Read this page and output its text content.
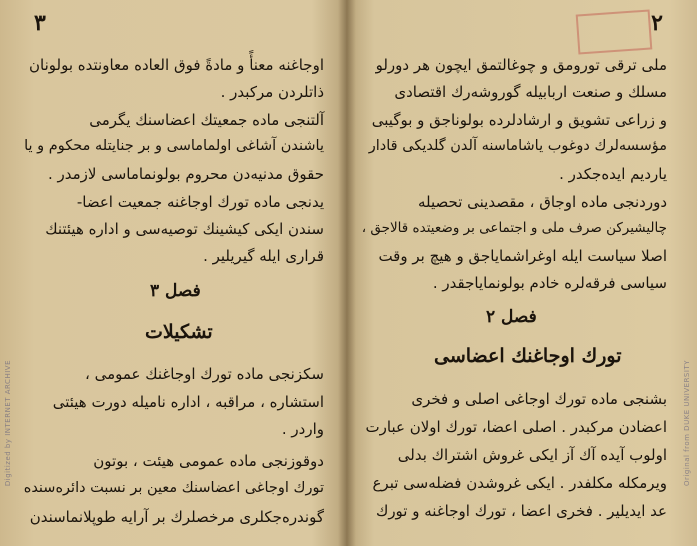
٣
اوجاغنه معنأً و مادةً فوق العاده معاونتده بولونان
ذاتلردن مركبدر .
آلتنجی ماده جمعیتك اعضاسنك یگرمی
یاشندن آشاغی اولماماسی و بر جنایتله محكوم و یا
حقوق مدنیه‌دن محروم بولونماماسی لازمدر .
یدنجی ماده تورك اوجاغنه جمعیت اعضا-
سندن ایكی كیشینك توصیه‌سی و اداره هیئتنك
قراری ایله گیریلیر .
فصل ٣
تشكیلات
سكزنجی ماده تورك اوجاغنك عمومی ،
استشاره ، مراقبه ، اداره نامیله دورت هیئتی
واردر .
دوقوزنجی ماده عمومی هیئت ، بوتون
تورك اوجاغی اعضاسنك معین بر نسبت دائره‌سنده
گوندره‌جكلری مرخصلرك بر آرایه طوپلانماسندن
Digitized by INTERNET ARCHIVE
٢
ملی ترقی تورومق و چوغالتمق ایچون هر دورلو
مسلك و صنعت اربابیله گوروشه‌رك اقتصادی
و زراعی تشویق و ارشادلرده بولوناجق و بوگیبی
مؤسسه‌لرك دوغوب یاشاماسنه آلدن گلدیكی قادار
یاردیم ایده‌جكدر .
دوردنجی ماده اوجاق ، مقصدینی تحصیله
چالیشیركن صرف ملی و اجتماعی بر وضعیتده قالاجق ،
اصلا سیاست ایله اوغراشمایاجق و هیچ بر وقت
سیاسی فرقه‌لره خادم بولونمایاجقدر .
فصل ٢
تورك اوجاغنك اعضاسی
بشنجی ماده تورك اوجاغی اصلی و فخری
اعضادن مركبدر . اصلی اعضا، تورك اولان عبارت
اولوب آیده آك آز ایكی غروش اشتراك بدلی
ویرمكله مكلفدر . ایكی غروشدن فضله‌سی تبرع
عد ایدیلیر . فخری اعضا ، تورك اوجاغنه و تورك
Original from DUKE UNIVERSITY
